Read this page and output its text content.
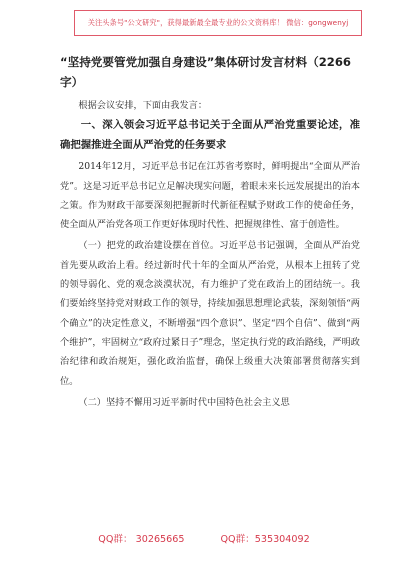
关注头条号"公文研究"，获得最新最全最专业的公文资料库！ 微信：gongwenyj
“坚持党要管党加强自身建设”集体研讨发言材料（2266字）

根据会议安排，下面由我发言：

一、深入领会习近平总书记关于全面从严治党重要论述，准确把握推进全面从严治党的任务要求

2014年12月，习近平总书记在江苏省考察时，鲜明提出“全面从严治党”。这是习近平总书记立足解决现实问题，着眼未来长远发展提出的治本之策。作为财政干部要深刻把握新时代新征程赋予财政工作的使命任务，使全面从严治党各项工作更好体现时代性、把握规律性、富于创造性。

（一）把党的政治建设摆在首位。习近平总书记强调，全面从严治党首先要从政治上看。经过新时代十年的全面从严治党，从根本上扭转了党的领导弱化、党的观念淡漠状况，有力维护了党在政治上的团结统一。我们要始终坚持党对财政工作的领导，持续加强思想理论武装，深刻领悟“两个确立”的决定性意义，不断增强“四个意识”、坚定“四个自信”、做到“两个维护”，牢固树立“政府过紧日子”理念，坚定执行党的政治路线，严明政治纪律和政治规矩，强化政治监督，确保上级重大决策部署贯彻落实到位。

（二）坚持不懈用习近平新时代中国特色社会主义思

QQ群： 30265665	QQ群：535304092
